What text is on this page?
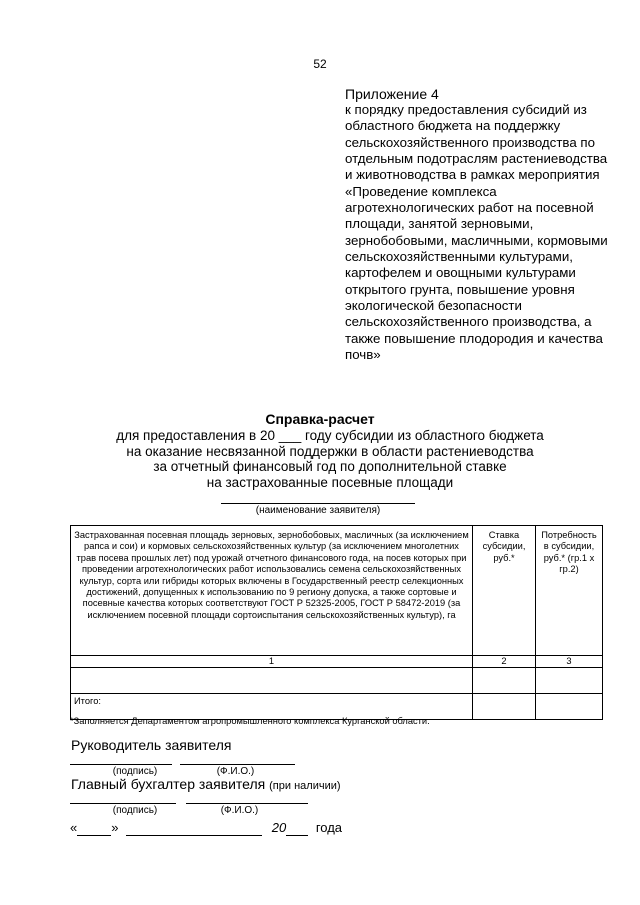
52
Приложение 4
к порядку предоставления субсидий из областного бюджета на поддержку сельскохозяйственного производства по отдельным подотраслям растениеводства и животноводства в рамках мероприятия «Проведение комплекса агротехнологических работ на посевной площади, занятой зерновыми, зернобобовыми, масличными, кормовыми сельскохозяйственными культурами, картофелем и овощными культурами открытого грунта, повышение уровня экологической безопасности сельскохозяйственного производства, а также повышение плодородия и качества почв»
Справка-расчет
для предоставления в 20 ___ году субсидии из областного бюджета
на оказание несвязанной поддержки в области растениеводства
за отчетный финансовый год по дополнительной ставке
на застрахованные посевные площади
(наименование заявителя)
Застрахованная посевная площадь зерновых, зернобобовых, масличных (за исключением рапса и сои) и кормовых сельскохозяйственных культур (за исключением многолетних трав посева прошлых лет) под урожай отчетного финансового года, на посев которых при проведении агротехнологических работ использовались семена сельскохозяйственных культур, сорта или гибриды которых включены в Государственный реестр селекционных достижений, допущенных к использованию по 9 региону допуска, а также сортовые и посевные качества которых соответствуют ГОСТ Р 52325-2005, ГОСТ Р 58472-2019 (за исключением посевной площади сортоиспытания сельскохозяйственных культур), га	Ставка субсидии, руб.*	Потребность в субсидии, руб.* (гр.1 х гр.2)
1	2	3

Итого:		
*Заполняется Департаментом агропромышленного комплекса Курганской области.
Руководитель заявителя
(подпись)	(Ф.И.О.)
Главный бухгалтер заявителя (при наличии)
(подпись)	(Ф.И.О.)
«	»	20 года
